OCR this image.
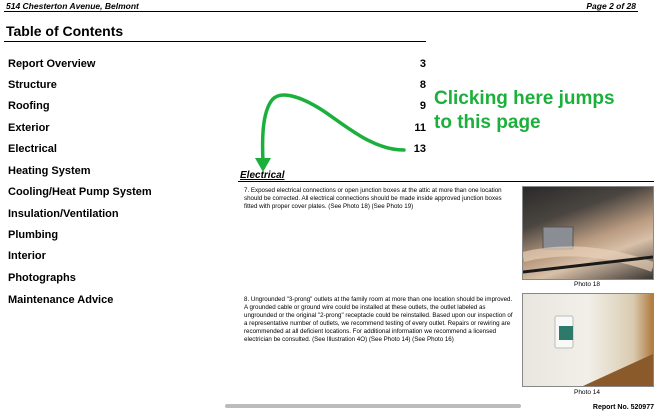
514 Chesterton Avenue, Belmont	Page 2 of 28
Table of Contents
Report Overview	3
Structure	8
Roofing	9
Exterior	11
Electrical	13
Heating System
Cooling/Heat Pump System
Insulation/Ventilation
Plumbing
Interior
Photographs
Maintenance Advice
Clicking here jumps to this page
Electrical
7. Exposed electrical connections or open junction boxes at the attic at more than one location should be corrected. All electrical connections should be made inside approved junction boxes fitted with proper cover plates. (See Photo 18) (See Photo 19)
Photo 18
8. Ungrounded "3-prong" outlets at the family room at more than one location should be improved. A grounded cable or ground wire could be installed at these outlets, the outlet labeled as ungrounded or the original "2-prong" receptacle could be reinstalled. Based upon our inspection of a representative number of outlets, we recommend testing of every outlet. Repairs or rewiring are recommended at all deficient locations. For additional information we recommend a licensed electrician be consulted. (See Illustration 4O) (See Photo 14) (See Photo 16)
Photo 14
Report No. 520977
